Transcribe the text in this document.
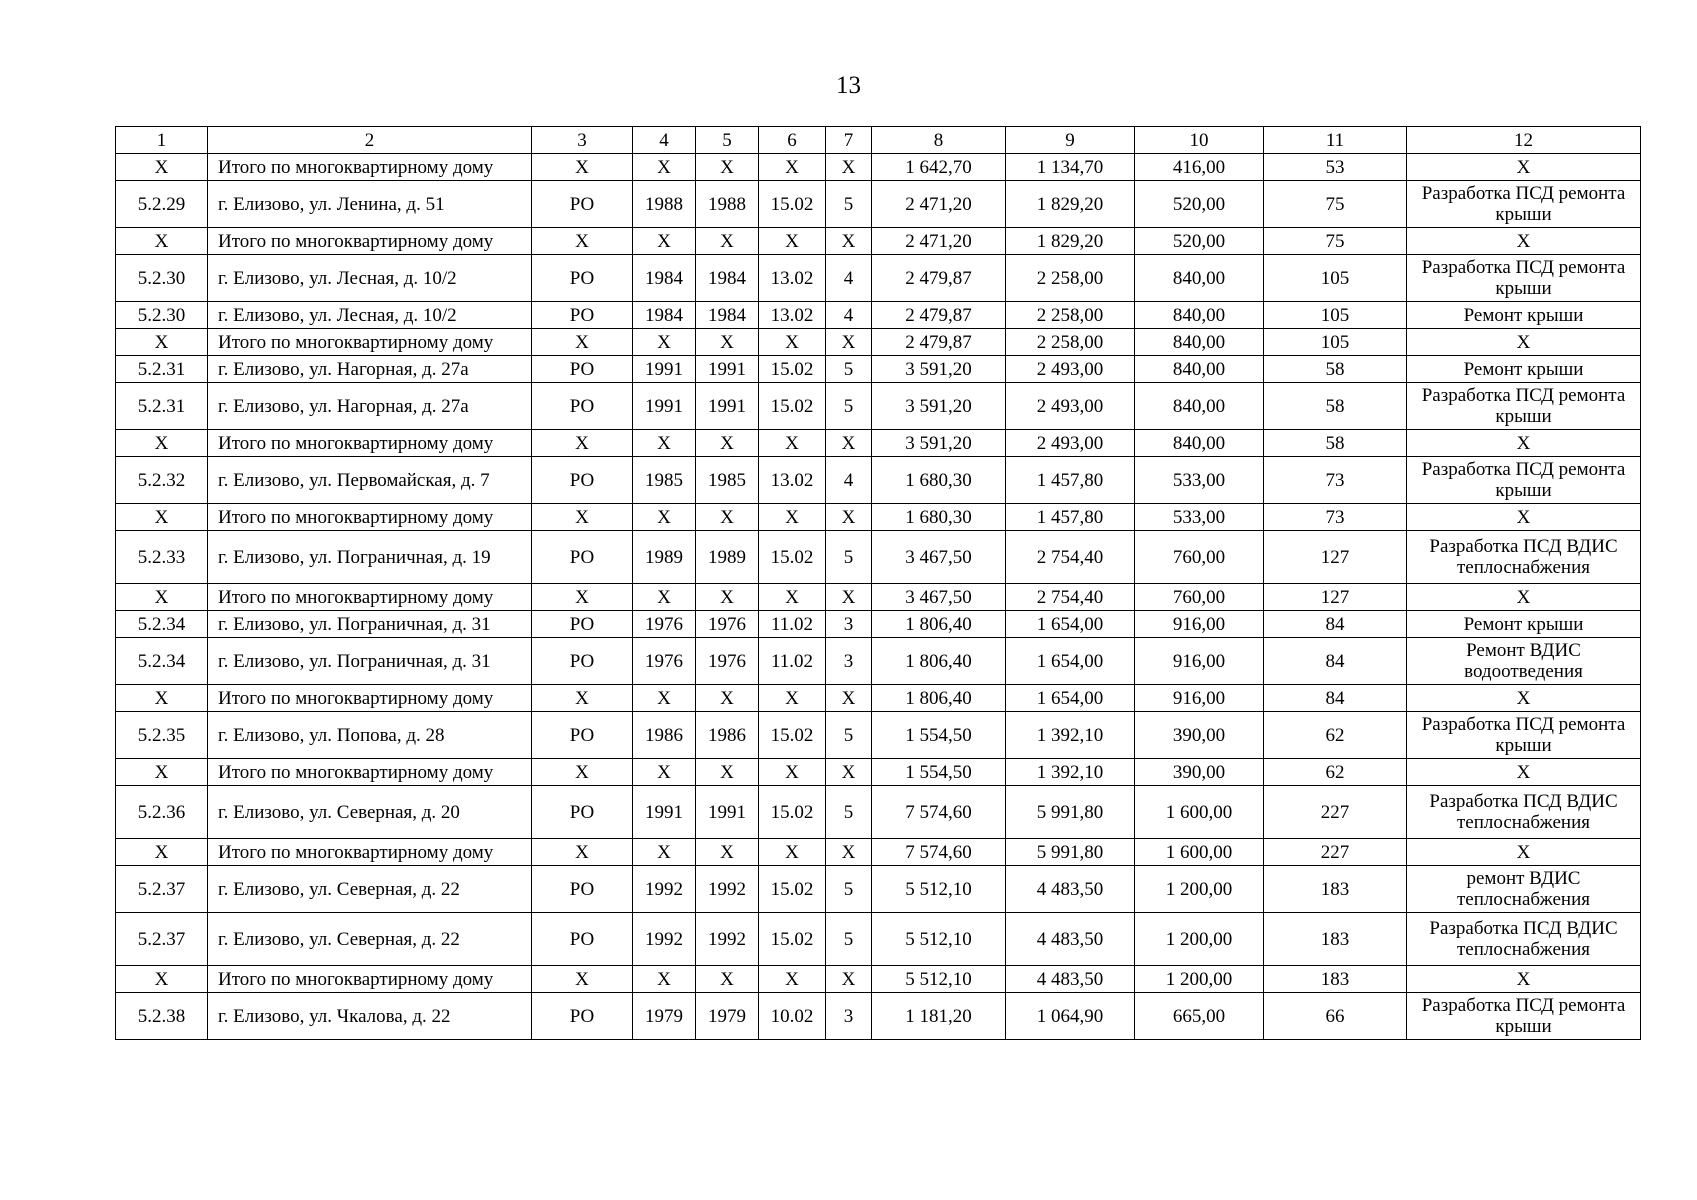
13
1	2	3	4	5	6	7	8	9	10	11	12
Х	Итого по многоквартирному дому	Х	Х	Х	Х	Х	1 642,70	1 134,70	416,00	53	Х
5.2.29	г. Елизово, ул. Ленина, д. 51	РО	1988	1988	15.02	5	2 471,20	1 829,20	520,00	75	Разработка ПСД ремонта крыши
Х	Итого по многоквартирному дому	Х	Х	Х	Х	Х	2 471,20	1 829,20	520,00	75	Х
5.2.30	г. Елизово, ул. Лесная, д. 10/2	РО	1984	1984	13.02	4	2 479,87	2 258,00	840,00	105	Разработка ПСД ремонта крыши
5.2.30	г. Елизово, ул. Лесная, д. 10/2	РО	1984	1984	13.02	4	2 479,87	2 258,00	840,00	105	Ремонт крыши
Х	Итого по многоквартирному дому	Х	Х	Х	Х	Х	2 479,87	2 258,00	840,00	105	Х
5.2.31	г. Елизово, ул. Нагорная, д. 27а	РО	1991	1991	15.02	5	3 591,20	2 493,00	840,00	58	Ремонт крыши
5.2.31	г. Елизово, ул. Нагорная, д. 27а	РО	1991	1991	15.02	5	3 591,20	2 493,00	840,00	58	Разработка ПСД ремонта крыши
Х	Итого по многоквартирному дому	Х	Х	Х	Х	Х	3 591,20	2 493,00	840,00	58	Х
5.2.32	г. Елизово, ул. Первомайская, д. 7	РО	1985	1985	13.02	4	1 680,30	1 457,80	533,00	73	Разработка ПСД ремонта крыши
Х	Итого по многоквартирному дому	Х	Х	Х	Х	Х	1 680,30	1 457,80	533,00	73	Х
5.2.33	г. Елизово, ул. Пограничная, д. 19	РО	1989	1989	15.02	5	3 467,50	2 754,40	760,00	127	Разработка ПСД ВДИС теплоснабжения
Х	Итого по многоквартирному дому	Х	Х	Х	Х	Х	3 467,50	2 754,40	760,00	127	Х
5.2.34	г. Елизово, ул. Пограничная, д. 31	РО	1976	1976	11.02	3	1 806,40	1 654,00	916,00	84	Ремонт крыши
5.2.34	г. Елизово, ул. Пограничная, д. 31	РО	1976	1976	11.02	3	1 806,40	1 654,00	916,00	84	Ремонт ВДИС водоотведения
Х	Итого по многоквартирному дому	Х	Х	Х	Х	Х	1 806,40	1 654,00	916,00	84	Х
5.2.35	г. Елизово, ул. Попова, д. 28	РО	1986	1986	15.02	5	1 554,50	1 392,10	390,00	62	Разработка ПСД ремонта крыши
Х	Итого по многоквартирному дому	Х	Х	Х	Х	Х	1 554,50	1 392,10	390,00	62	Х
5.2.36	г. Елизово, ул. Северная, д. 20	РО	1991	1991	15.02	5	7 574,60	5 991,80	1 600,00	227	Разработка ПСД ВДИС теплоснабжения
Х	Итого по многоквартирному дому	Х	Х	Х	Х	Х	7 574,60	5 991,80	1 600,00	227	Х
5.2.37	г. Елизово, ул. Северная, д. 22	РО	1992	1992	15.02	5	5 512,10	4 483,50	1 200,00	183	ремонт ВДИС теплоснабжения
5.2.37	г. Елизово, ул. Северная, д. 22	РО	1992	1992	15.02	5	5 512,10	4 483,50	1 200,00	183	Разработка ПСД ВДИС теплоснабжения
Х	Итого по многоквартирному дому	Х	Х	Х	Х	Х	5 512,10	4 483,50	1 200,00	183	Х
5.2.38	г. Елизово, ул. Чкалова, д. 22	РО	1979	1979	10.02	3	1 181,20	1 064,90	665,00	66	Разработка ПСД ремонта крыши
